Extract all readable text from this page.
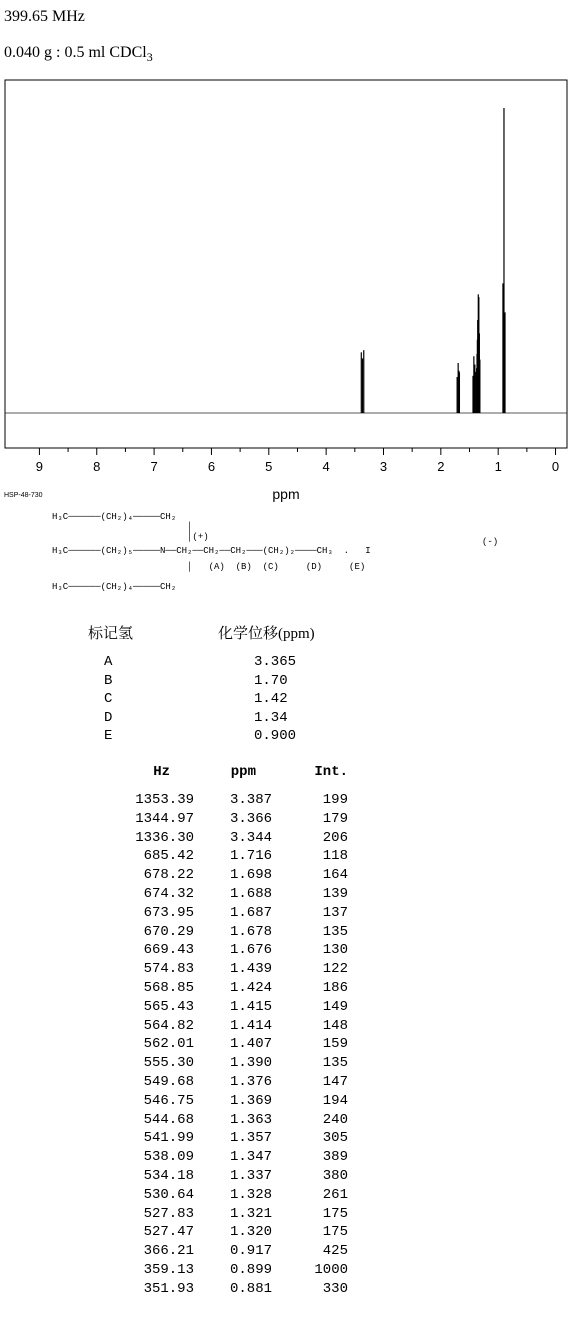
399.65 MHz
0.040 g : 0.5 ml CDCl$_3$
9	8	7	6	5	4	3	2	1	0
ppm
HSP-48-730
H₃C──────(CH₂)₄─────CH₂
│
│(+)
H₃C──────(CH₂)₅─────N──CH₂──CH₂──CH₂───(CH₂)₂────CH₃  .   I
│   (A)  (B)  (C)     (D)     (E)
H₃C──────(CH₂)₄─────CH₂
(-)
标记氢	化学位移(ppm)
A	3.365
B	1.70
C	1.42
D	1.34
E	0.900
Hz	ppm	Int.
1353.39	3.387	199
1344.97	3.366	179
1336.30	3.344	206
685.42	1.716	118
678.22	1.698	164
674.32	1.688	139
673.95	1.687	137
670.29	1.678	135
669.43	1.676	130
574.83	1.439	122
568.85	1.424	186
565.43	1.415	149
564.82	1.414	148
562.01	1.407	159
555.30	1.390	135
549.68	1.376	147
546.75	1.369	194
544.68	1.363	240
541.99	1.357	305
538.09	1.347	389
534.18	1.337	380
530.64	1.328	261
527.83	1.321	175
527.47	1.320	175
366.21	0.917	425
359.13	0.899	1000
351.93	0.881	330
